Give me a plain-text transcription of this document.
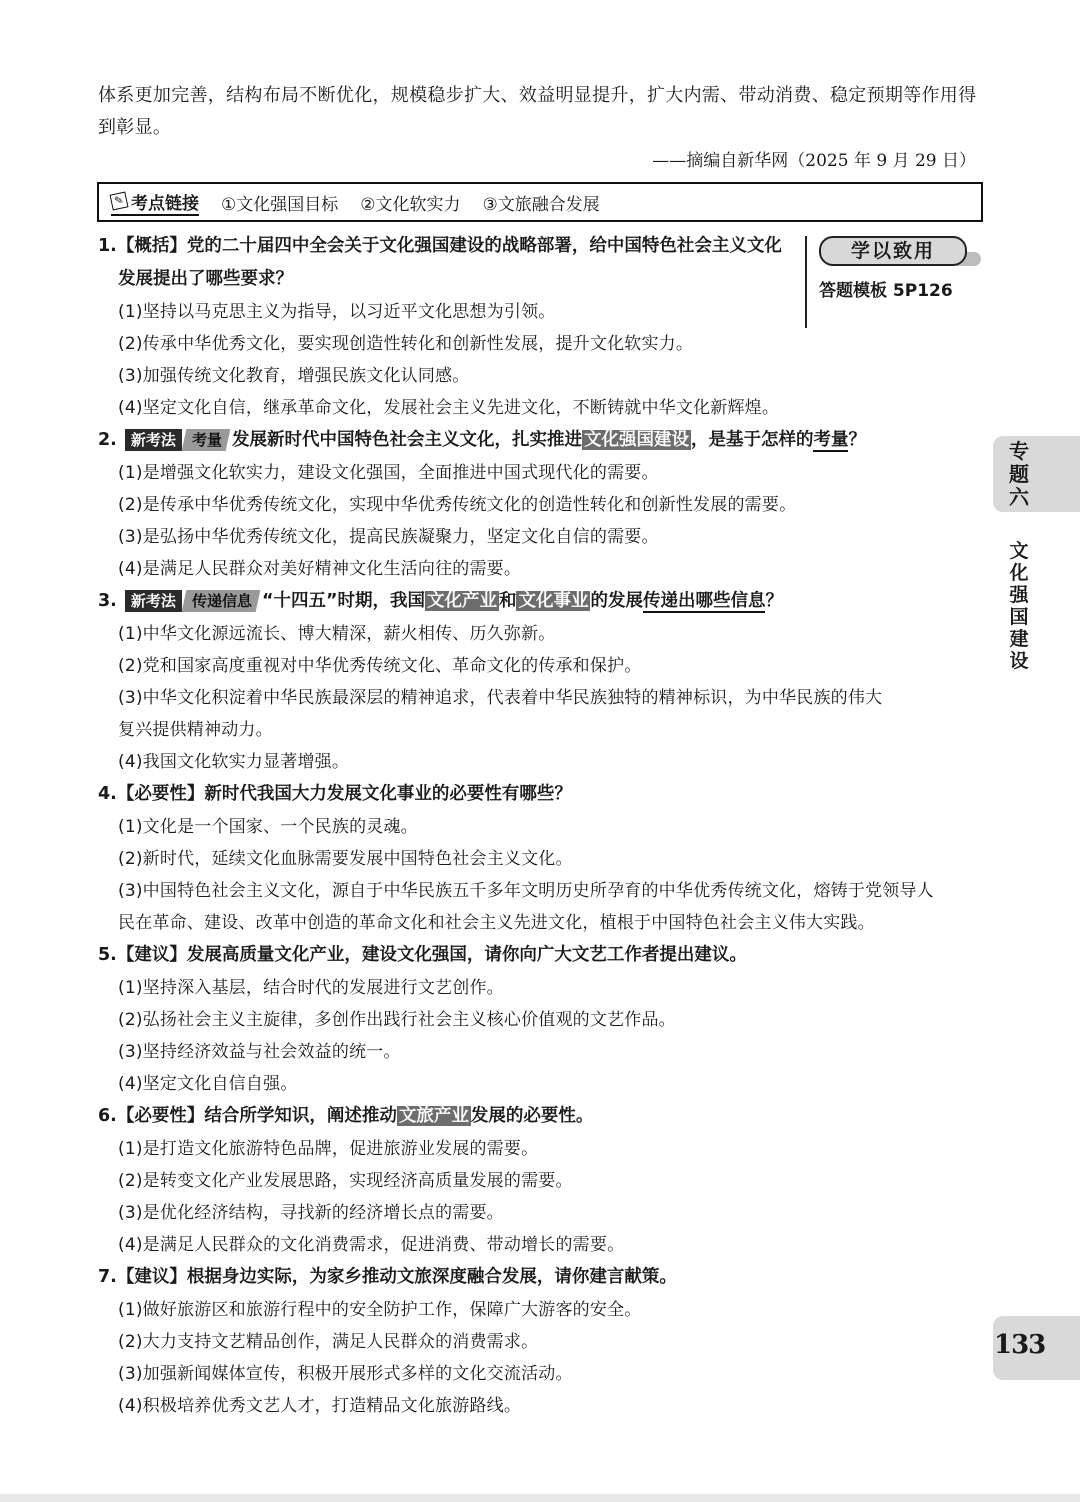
体系更加完善，结构布局不断优化，规模稳步扩大、效益明显提升，扩大内需、带动消费、稳定预期等作用得到彰显。
——摘编自新华网（2025 年 9 月 29 日）
✎ 考点链接 ①文化强国目标 ②文化软实力 ③文旅融合发展
学以致用
答题模板 5P126
1.【概括】党的二十届四中全会关于文化强国建设的战略部署，给中国特色社会主义文化发展提出了哪些要求？
(1)坚持以马克思主义为指导，以习近平文化思想为引领。
(2)传承中华优秀文化，要实现创造性转化和创新性发展，提升文化软实力。
(3)加强传统文化教育，增强民族文化认同感。
(4)坚定文化自信，继承革命文化，发展社会主义先进文化，不断铸就中华文化新辉煌。
2. 新考法 考量 发展新时代中国特色社会主义文化，扎实推进 文化强国建设 ，是基于怎样的考量？
(1)是增强文化软实力，建设文化强国，全面推进中国式现代化的需要。
(2)是传承中华优秀传统文化，实现中华优秀传统文化的创造性转化和创新性发展的需要。
(3)是弘扬中华优秀传统文化，提高民族凝聚力，坚定文化自信的需要。
(4)是满足人民群众对美好精神文化生活向往的需要。
3. 新考法 传递信息 “十四五”时期，我国 文化产业 和 文化事业 的发展传递出哪些信息？
(1)中华文化源远流长、博大精深，薪火相传、历久弥新。
(2)党和国家高度重视对中华优秀传统文化、革命文化的传承和保护。
(3)中华文化积淀着中华民族最深层的精神追求，代表着中华民族独特的精神标识，为中华民族的伟大
复兴提供精神动力。
(4)我国文化软实力显著增强。
4.【必要性】新时代我国大力发展文化事业的必要性有哪些？
(1)文化是一个国家、一个民族的灵魂。
(2)新时代，延续文化血脉需要发展中国特色社会主义文化。
(3)中国特色社会主义文化，源自于中华民族五千多年文明历史所孕育的中华优秀传统文化，熔铸于党领导人
民在革命、建设、改革中创造的革命文化和社会主义先进文化，植根于中国特色社会主义伟大实践。
5.【建议】发展高质量文化产业，建设文化强国，请你向广大文艺工作者提出建议。
(1)坚持深入基层，结合时代的发展进行文艺创作。
(2)弘扬社会主义主旋律，多创作出践行社会主义核心价值观的文艺作品。
(3)坚持经济效益与社会效益的统一。
(4)坚定文化自信自强。
6.【必要性】结合所学知识，阐述推动 文旅产业 发展的必要性。
(1)是打造文化旅游特色品牌，促进旅游业发展的需要。
(2)是转变文化产业发展思路，实现经济高质量发展的需要。
(3)是优化经济结构，寻找新的经济增长点的需要。
(4)是满足人民群众的文化消费需求，促进消费、带动增长的需要。
7.【建议】根据身边实际，为家乡推动文旅深度融合发展，请你建言献策。
(1)做好旅游区和旅游行程中的安全防护工作，保障广大游客的安全。
(2)大力支持文艺精品创作，满足人民群众的消费需求。
(3)加强新闻媒体宣传，积极开展形式多样的文化交流活动。
(4)积极培养优秀文艺人才，打造精品文化旅游路线。
专题六
文化强国建设
133
